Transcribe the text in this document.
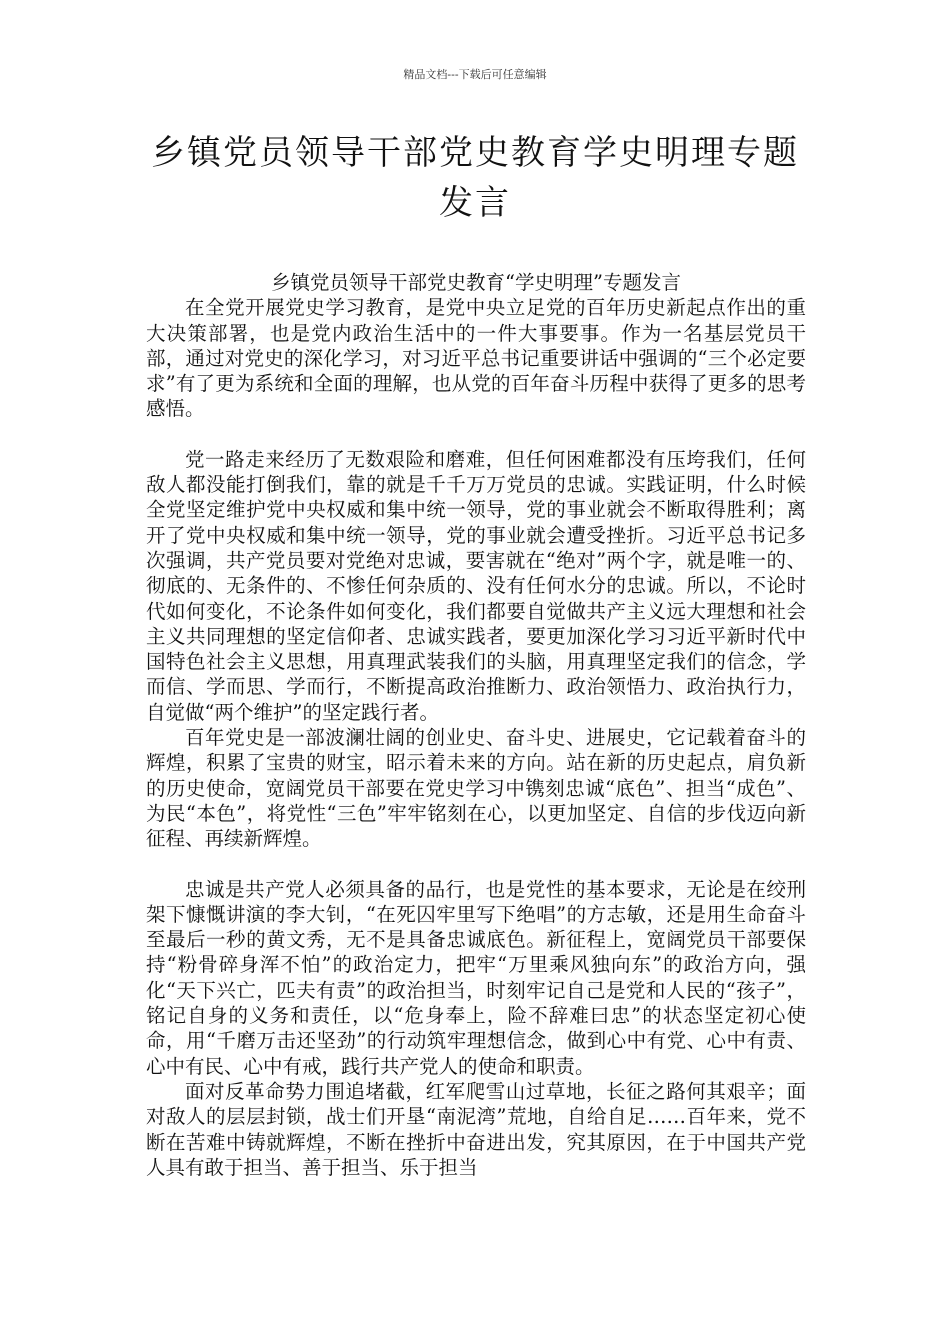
精品文档---下载后可任意编辑
乡镇党员领导干部党史教育学史明理专题
发言

乡镇党员领导干部党史教育“学史明理”专题发言

在全党开展党史学习教育，是党中央立足党的百年历史新起点作出的重大决策部署，也是党内政治生活中的一件大事要事。作为一名基层党员干部，通过对党史的深化学习，对习近平总书记重要讲话中强调的“三个必定要求”有了更为系统和全面的理解，也从党的百年奋斗历程中获得了更多的思考感悟。

党一路走来经历了无数艰险和磨难，但任何困难都没有压垮我们，任何敌人都没能打倒我们，靠的就是千千万万党员的忠诚。实践证明，什么时候全党坚定维护党中央权威和集中统一领导，党的事业就会不断取得胜利；离开了党中央权威和集中统一领导，党的事业就会遭受挫折。习近平总书记多次强调，共产党员要对党绝对忠诚，要害就在“绝对”两个字，就是唯一的、彻底的、无条件的、不惨任何杂质的、没有任何水分的忠诚。所以，不论时代如何变化，不论条件如何变化，我们都要自觉做共产主义远大理想和社会主义共同理想的坚定信仰者、忠诚实践者，要更加深化学习习近平新时代中国特色社会主义思想，用真理武装我们的头脑，用真理坚定我们的信念，学而信、学而思、学而行，不断提高政治推断力、政治领悟力、政治执行力，自觉做“两个维护”的坚定践行者。

百年党史是一部波澜壮阔的创业史、奋斗史、进展史，它记载着奋斗的辉煌，积累了宝贵的财宝，昭示着未来的方向。站在新的历史起点，肩负新的历史使命，宽阔党员干部要在党史学习中镌刻忠诚“底色”、担当“成色”、为民“本色”，将党性“三色”牢牢铭刻在心，以更加坚定、自信的步伐迈向新征程、再续新辉煌。

忠诚是共产党人必须具备的品行，也是党性的基本要求，无论是在绞刑架下慷慨讲演的李大钊，“在死囚牢里写下绝唱”的方志敏，还是用生命奋斗至最后一秒的黄文秀，无不是具备忠诚底色。新征程上，宽阔党员干部要保持“粉骨碎身浑不怕”的政治定力，把牢“万里乘风独向东”的政治方向，强化“天下兴亡，匹夫有责”的政治担当，时刻牢记自己是党和人民的“孩子”，铭记自身的义务和责任，以“危身奉上，险不辞难曰忠”的状态坚定初心使命，用“千磨万击还坚劲”的行动筑牢理想信念，做到心中有党、心中有责、心中有民、心中有戒，践行共产党人的使命和职责。

面对反革命势力围追堵截，红军爬雪山过草地，长征之路何其艰辛；面对敌人的层层封锁，战士们开垦“南泥湾”荒地，自给自足……百年来，党不断在苦难中铸就辉煌，不断在挫折中奋进出发，究其原因，在于中国共产党人具有敢于担当、善于担当、乐于担当
